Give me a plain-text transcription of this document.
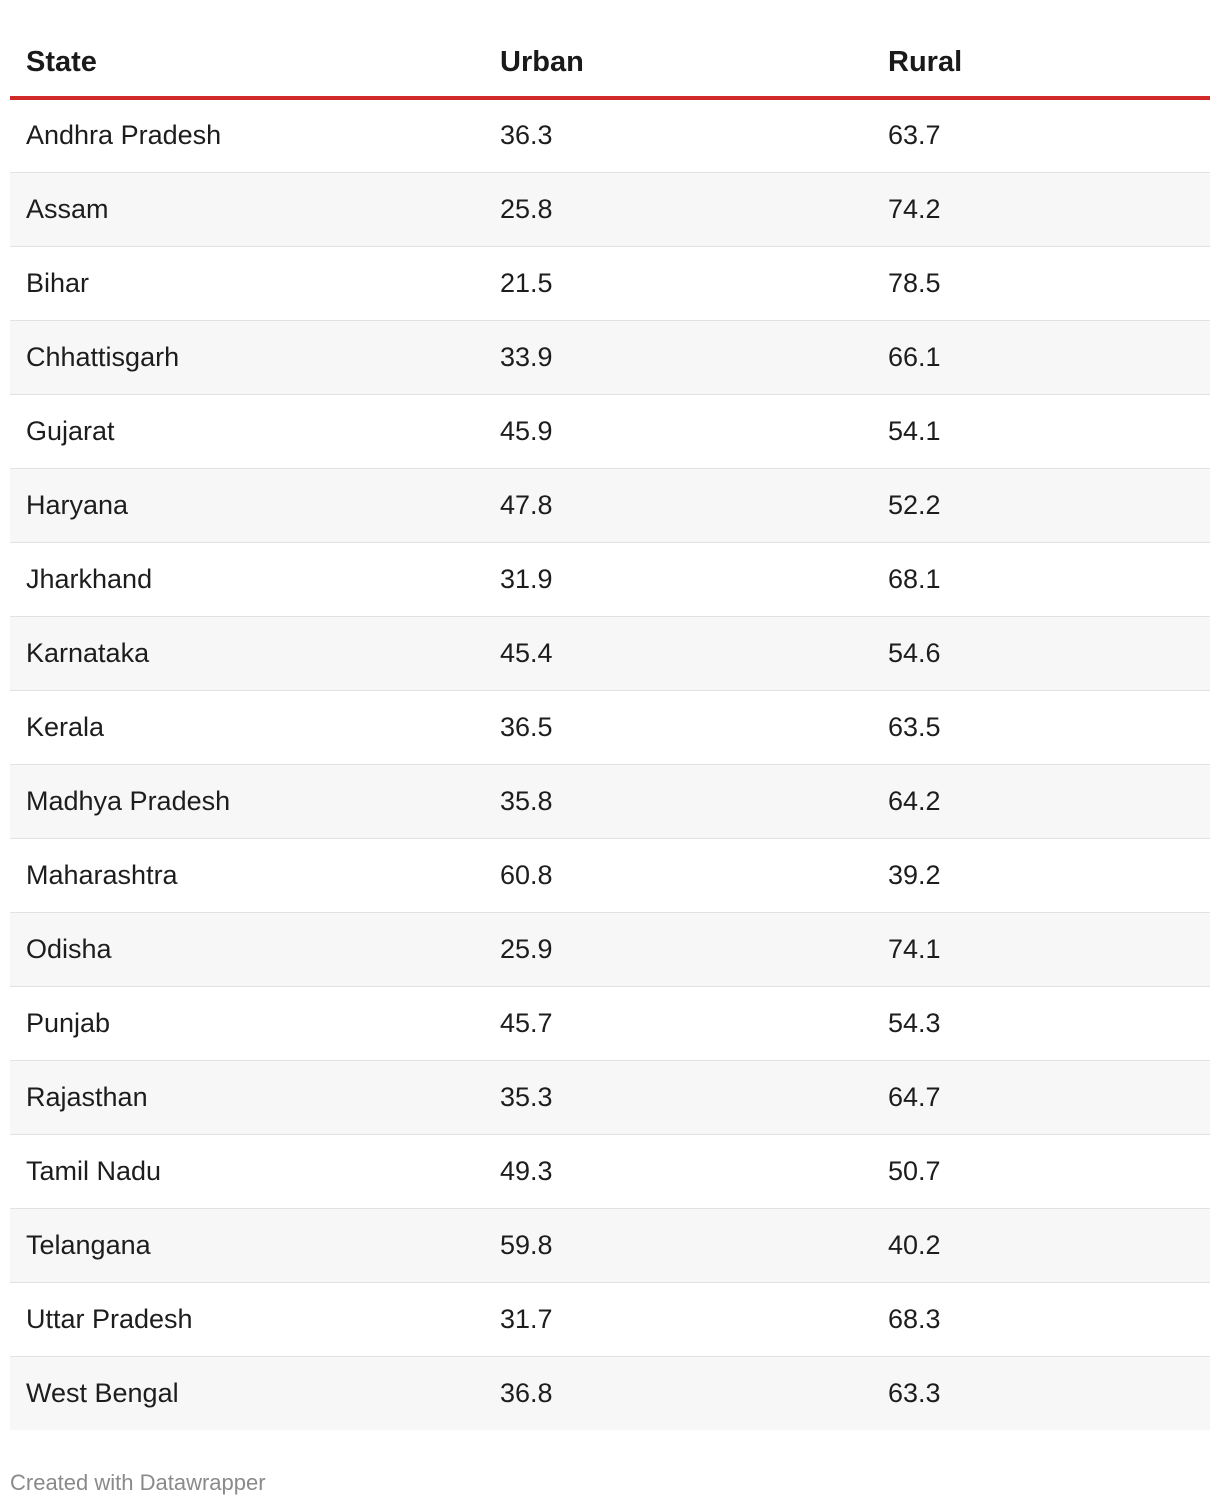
State	Urban	Rural
Andhra Pradesh	36.3	63.7
Assam	25.8	74.2
Bihar	21.5	78.5
Chhattisgarh	33.9	66.1
Gujarat	45.9	54.1
Haryana	47.8	52.2
Jharkhand	31.9	68.1
Karnataka	45.4	54.6
Kerala	36.5	63.5
Madhya Pradesh	35.8	64.2
Maharashtra	60.8	39.2
Odisha	25.9	74.1
Punjab	45.7	54.3
Rajasthan	35.3	64.7
Tamil Nadu	49.3	50.7
Telangana	59.8	40.2
Uttar Pradesh	31.7	68.3
West Bengal	36.8	63.3
Created with Datawrapper
